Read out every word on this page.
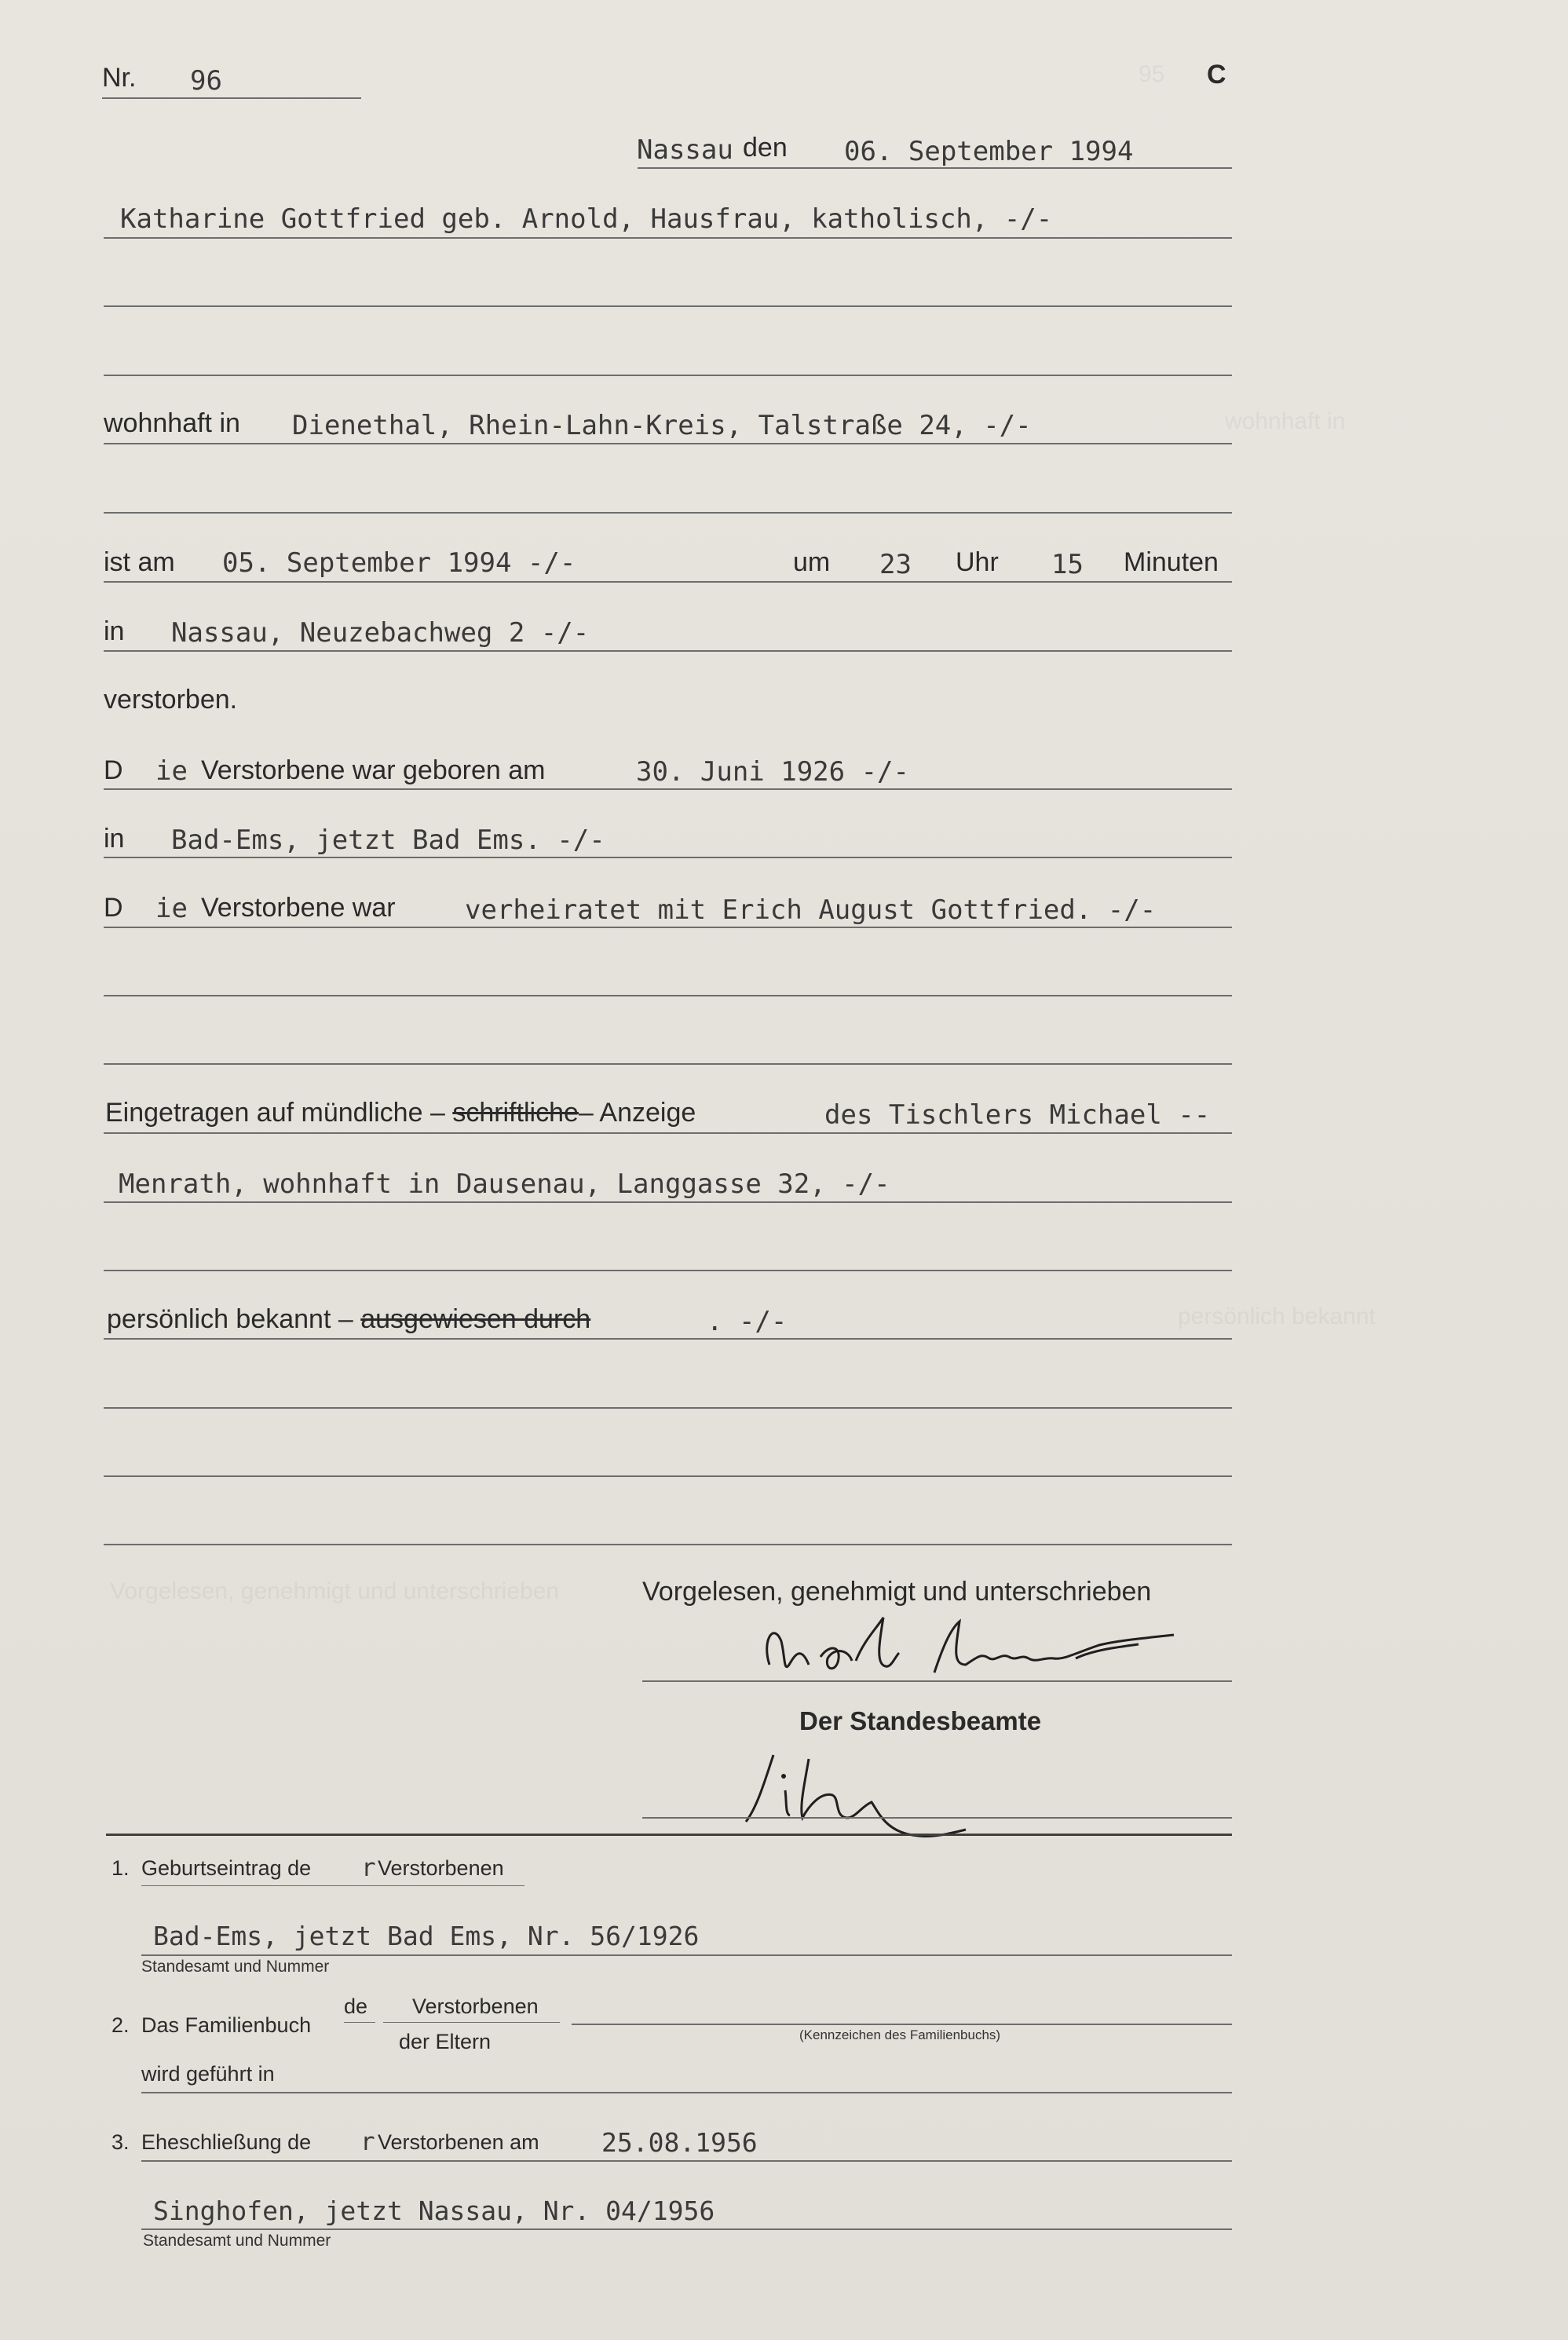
95
wohnhaft in
persönlich bekannt
Vorgelesen, genehmigt und unterschrieben
Nr. 96	C
Nassau den 06. September 1994
Katharine Gottfried geb. Arnold, Hausfrau, katholisch, -/-
wohnhaft in Dienethal, Rhein-Lahn-Kreis, Talstraße 24, -/-
ist am 05. September 1994 -/-	um 23 Uhr 15 Minuten
in Nassau, Neuzebachweg 2 -/-
verstorben.
D ie Verstorbene war geboren am	30. Juni 1926 -/-
in Bad-Ems, jetzt Bad Ems. -/-
D ie Verstorbene war	verheiratet mit Erich August Gottfried. -/-
Eingetragen auf mündliche – schriftliche– Anzeige	des Tischlers Michael --
Menrath, wohnhaft in Dausenau, Langgasse 32, -/-
persönlich bekannt – ausgewiesen durch	. -/-
Vorgelesen, genehmigt und unterschrieben
Der Standesbeamte
1. Geburtseintrag de r Verstorbenen
Bad-Ems, jetzt Bad Ems, Nr. 56/1926
Standesamt und Nummer
2. Das Familienbuch
de Verstorbenen
der Eltern	(Kennzeichen des Familienbuchs)
wird geführt in
3. Eheschließung de r Verstorbenen am 25.08.1956
Singhofen, jetzt Nassau, Nr. 04/1956
Standesamt und Nummer
